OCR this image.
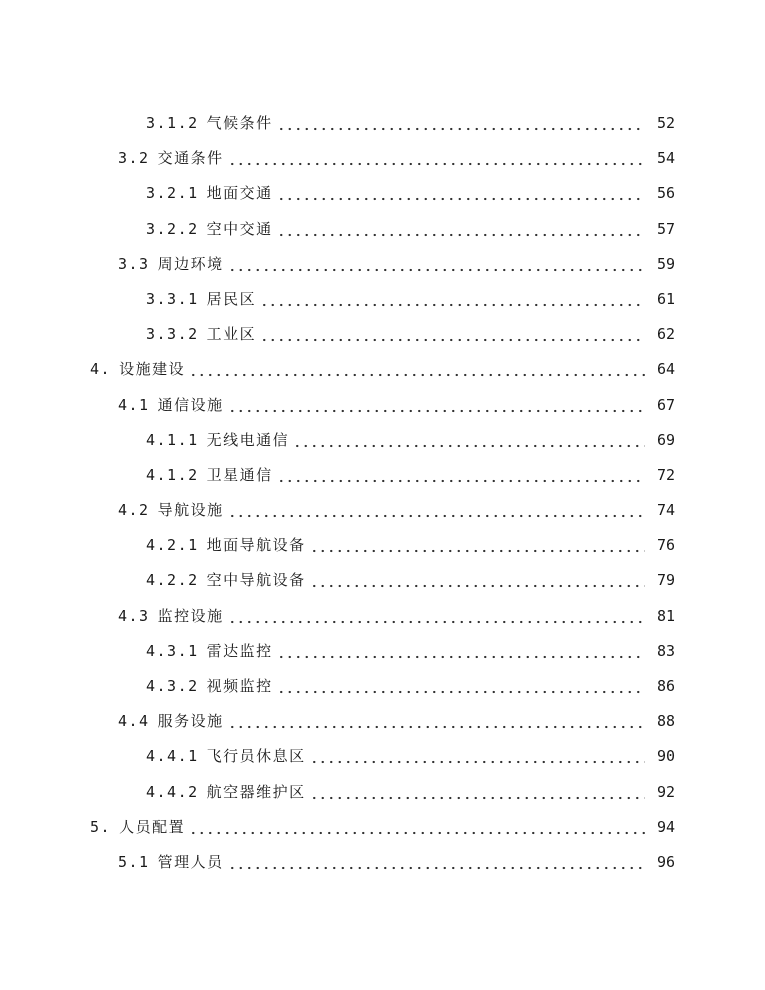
3.1.2 气候条件	52
3.2 交通条件	54
3.2.1 地面交通	56
3.2.2 空中交通	57
3.3 周边环境	59
3.3.1 居民区	61
3.3.2 工业区	62
4. 设施建设	64
4.1 通信设施	67
4.1.1 无线电通信	69
4.1.2 卫星通信	72
4.2 导航设施	74
4.2.1 地面导航设备	76
4.2.2 空中导航设备	79
4.3 监控设施	81
4.3.1 雷达监控	83
4.3.2 视频监控	86
4.4 服务设施	88
4.4.1 飞行员休息区	90
4.4.2 航空器维护区	92
5. 人员配置	94
5.1 管理人员	96
